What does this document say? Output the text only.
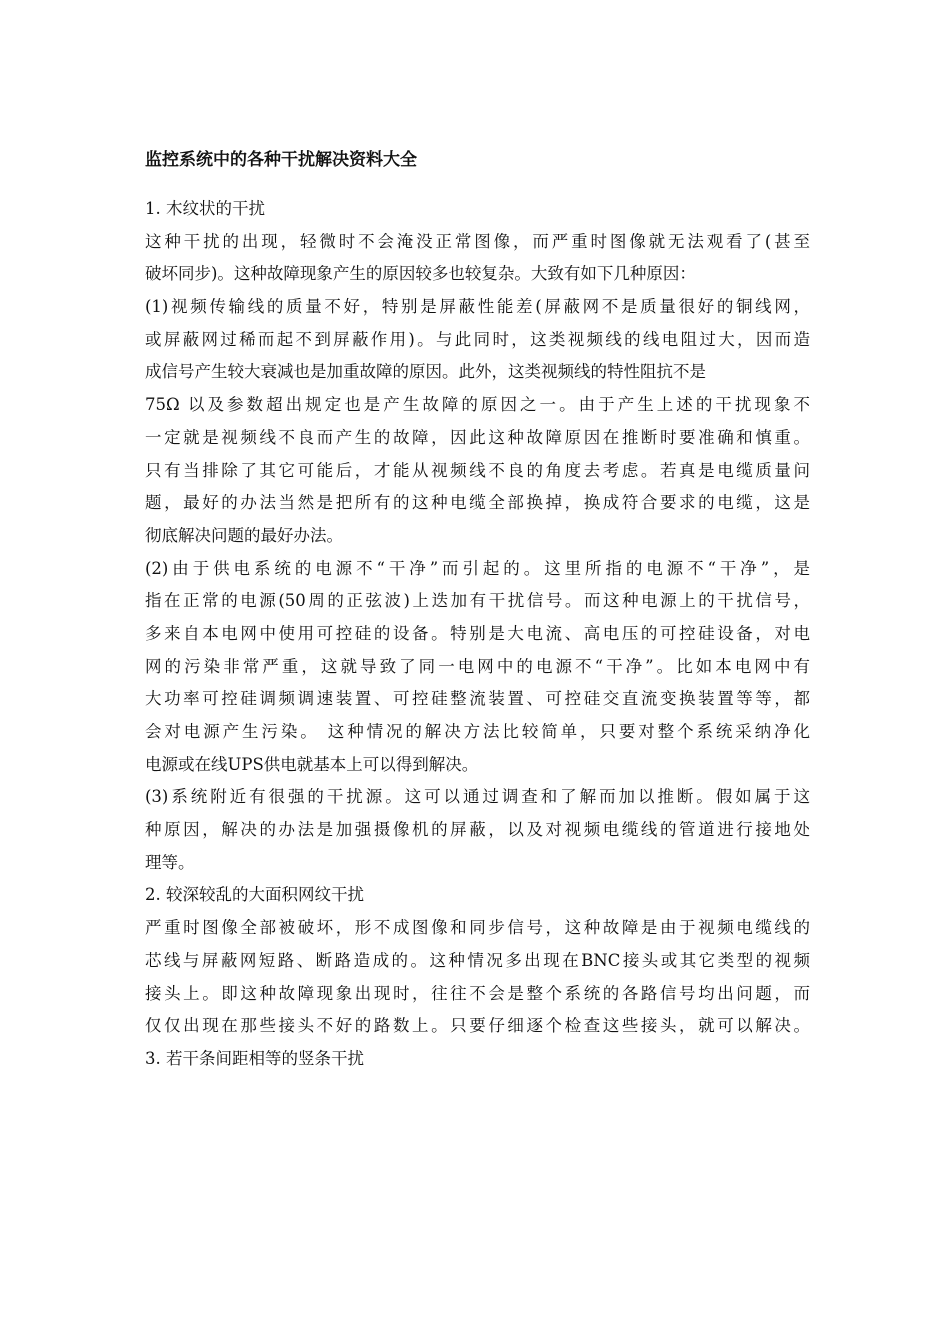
监控系统中的各种干扰解决资料大全
1. 木纹状的干扰
这种干扰的出现，轻微时不会淹没正常图像，而严重时图像就无法观看了(甚至
破坏同步)。这种故障现象产生的原因较多也较复杂。大致有如下几种原因：
(1)视频传输线的质量不好，特别是屏蔽性能差(屏蔽网不是质量很好的铜线网，
或屏蔽网过稀而起不到屏蔽作用)。与此同时，这类视频线的线电阻过大，因而造
成信号产生较大衰减也是加重故障的原因。此外，这类视频线的特性阻抗不是
75Ω 以及参数超出规定也是产生故障的原因之一。由于产生上述的干扰现象不
一定就是视频线不良而产生的故障，因此这种故障原因在推断时要准确和慎重。
只有当排除了其它可能后，才能从视频线不良的角度去考虑。若真是电缆质量问
题，最好的办法当然是把所有的这种电缆全部换掉，换成符合要求的电缆，这是
彻底解决问题的最好办法。
(2)由于供电系统的电源不“干净”而引起的。这里所指的电源不“干净”，是
指在正常的电源(50周的正弦波)上迭加有干扰信号。而这种电源上的干扰信号，
多来自本电网中使用可控硅的设备。特别是大电流、高电压的可控硅设备，对电
网的污染非常严重，这就导致了同一电网中的电源不“干净”。比如本电网中有
大功率可控硅调频调速装置、可控硅整流装置、可控硅交直流变换装置等等，都
会对电源产生污染。 这种情况的解决方法比较简单，只要对整个系统采纳净化
电源或在线UPS供电就基本上可以得到解决。
(3)系统附近有很强的干扰源。这可以通过调查和了解而加以推断。假如属于这
种原因，解决的办法是加强摄像机的屏蔽，以及对视频电缆线的管道进行接地处
理等。
2. 较深较乱的大面积网纹干扰
严重时图像全部被破坏，形不成图像和同步信号，这种故障是由于视频电缆线的
芯线与屏蔽网短路、断路造成的。这种情况多出现在BNC接头或其它类型的视频
接头上。即这种故障现象出现时，往往不会是整个系统的各路信号均出问题，而
仅仅出现在那些接头不好的路数上。只要仔细逐个检查这些接头，就可以解决。
3. 若干条间距相等的竖条干扰
